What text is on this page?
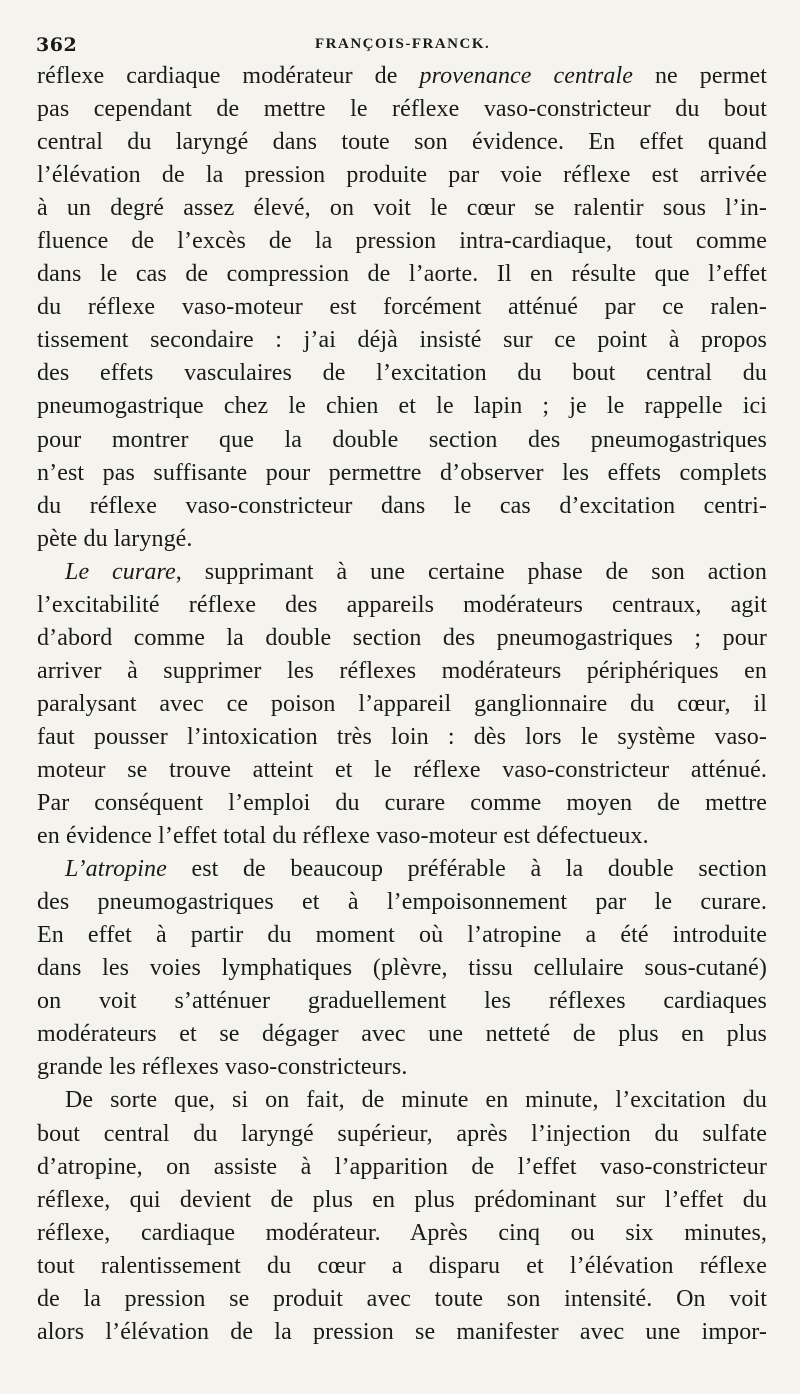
362	FRANÇOIS-FRANCK.
réflexe cardiaque modérateur de provenance centrale ne permet
pas cependant de mettre le réflexe vaso-constricteur du bout
central du laryngé dans toute son évidence. En effet quand
l’élévation de la pression produite par voie réflexe est arrivée
à un degré assez élevé, on voit le cœur se ralentir sous l’in-
fluence de l’excès de la pression intra-cardiaque, tout comme
dans le cas de compression de l’aorte. Il en résulte que l’effet
du réflexe vaso-moteur est forcément atténué par ce ralen-
tissement secondaire : j’ai déjà insisté sur ce point à propos
des effets vasculaires de l’excitation du bout central du
pneumogastrique chez le chien et le lapin ; je le rappelle ici
pour montrer que la double section des pneumogastriques
n’est pas suffisante pour permettre d’observer les effets complets
du réflexe vaso-constricteur dans le cas d’excitation centri-
pète du laryngé.
Le curare, supprimant à une certaine phase de son action
l’excitabilité réflexe des appareils modérateurs centraux, agit
d’abord comme la double section des pneumogastriques ; pour
arriver à supprimer les réflexes modérateurs périphériques en
paralysant avec ce poison l’appareil ganglionnaire du cœur, il
faut pousser l’intoxication très loin : dès lors le système vaso-
moteur se trouve atteint et le réflexe vaso-constricteur atténué.
Par conséquent l’emploi du curare comme moyen de mettre
en évidence l’effet total du réflexe vaso-moteur est défectueux.
L’atropine est de beaucoup préférable à la double section
des pneumogastriques et à l’empoisonnement par le curare.
En effet à partir du moment où l’atropine a été introduite
dans les voies lymphatiques (plèvre, tissu cellulaire sous-cutané)
on voit s’atténuer graduellement les réflexes cardiaques
modérateurs et se dégager avec une netteté de plus en plus
grande les réflexes vaso-constricteurs.
De sorte que, si on fait, de minute en minute, l’excitation du
bout central du laryngé supérieur, après l’injection du sulfate
d’atropine, on assiste à l’apparition de l’effet vaso-constricteur
réflexe, qui devient de plus en plus prédominant sur l’effet du
réflexe, cardiaque modérateur. Après cinq ou six minutes,
tout ralentissement du cœur a disparu et l’élévation réflexe
de la pression se produit avec toute son intensité. On voit
alors l’élévation de la pression se manifester avec une impor-
